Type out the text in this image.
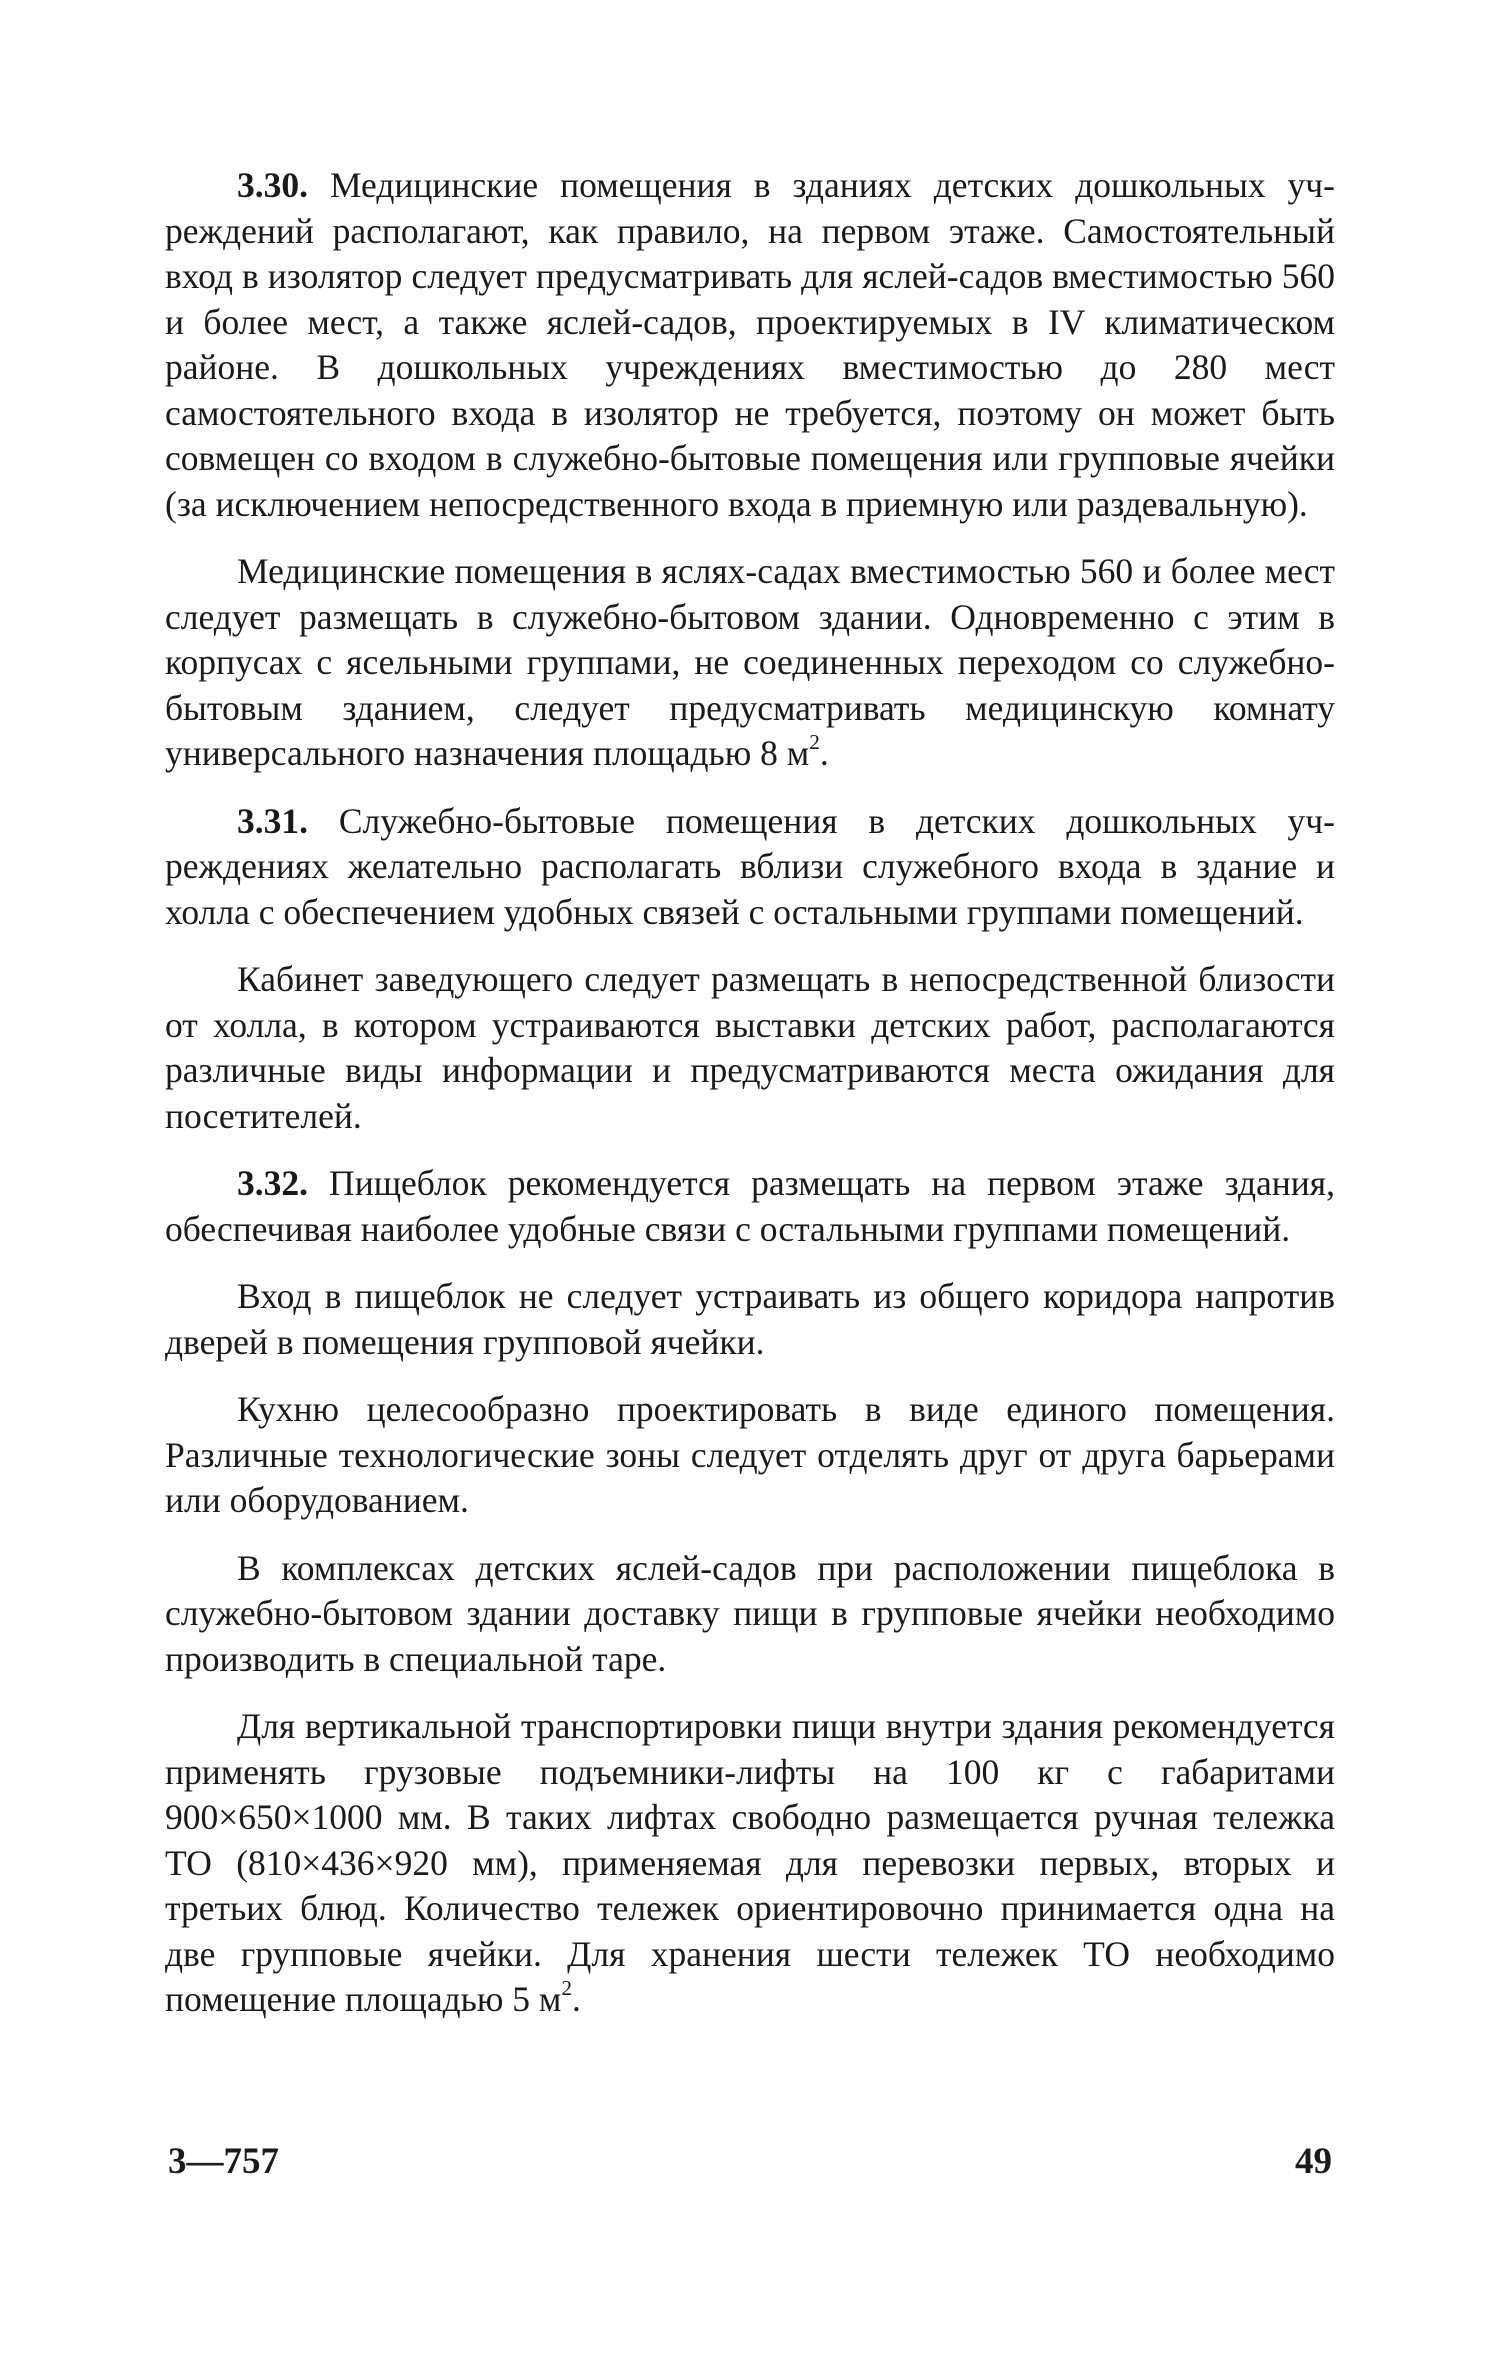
3.30. Медицинские помещения в зданиях детских дошкольных учреждений располагают, как правило, на первом этаже. Самостоятельный вход в изолятор следует предусматривать для яслей-садов вместимостью 560 и более мест, а также яслей-садов, проектируемых в IV климатическом районе. В дошкольных учреждениях вместимостью до 280 мест самостоятельного входа в изолятор не требуется, поэтому он может быть совмещен со входом в служебно-бытовые помещения или групповые ячейки (за исключением непосредственного входа в приемную или раздевальную).

Медицинские помещения в яслях-садах вместимостью 560 и более мест следует размещать в служебно-бытовом здании. Одновременно с этим в корпусах с ясельными группами, не соединенных переходом со служебно-бытовым зданием, следует предусматривать медицинскую комнату универсального назначения площадью 8 $м^2$.

3.31. Служебно-бытовые помещения в детских дошкольных учреждениях желательно располагать вблизи служебного входа в здание и холла с обеспечением удобных связей с остальными группами помещений.

Кабинет заведующего следует размещать в непосредственной близости от холла, в котором устраиваются выставки детских работ, располагаются различные виды информации и предусматриваются места ожидания для посетителей.

3.32. Пищеблок рекомендуется размещать на первом этаже здания, обеспечивая наиболее удобные связи с остальными группами помещений.

Вход в пищеблок не следует устраивать из общего коридора напротив дверей в помещения групповой ячейки.

Кухню целесообразно проектировать в виде единого помещения. Различные технологические зоны следует отделять друг от друга барьерами или оборудованием.

В комплексах детских яслей-садов при расположении пищеблока в служебно-бытовом здании доставку пищи в групповые ячейки необходимо производить в специальной таре.

Для вертикальной транспортировки пищи внутри здания рекомендуется применять грузовые подъемники-лифты на 100 кг с габаритами 900×650×1000 мм. В таких лифтах свободно размещается ручная тележка ТО (810×436×920 мм), применяемая для перевозки первых, вторых и третьих блюд. Количество тележек ориентировочно принимается одна на две групповые ячейки. Для хранения шести тележек ТО необходимо помещение площадью 5 $м^2$.

3—757	49
